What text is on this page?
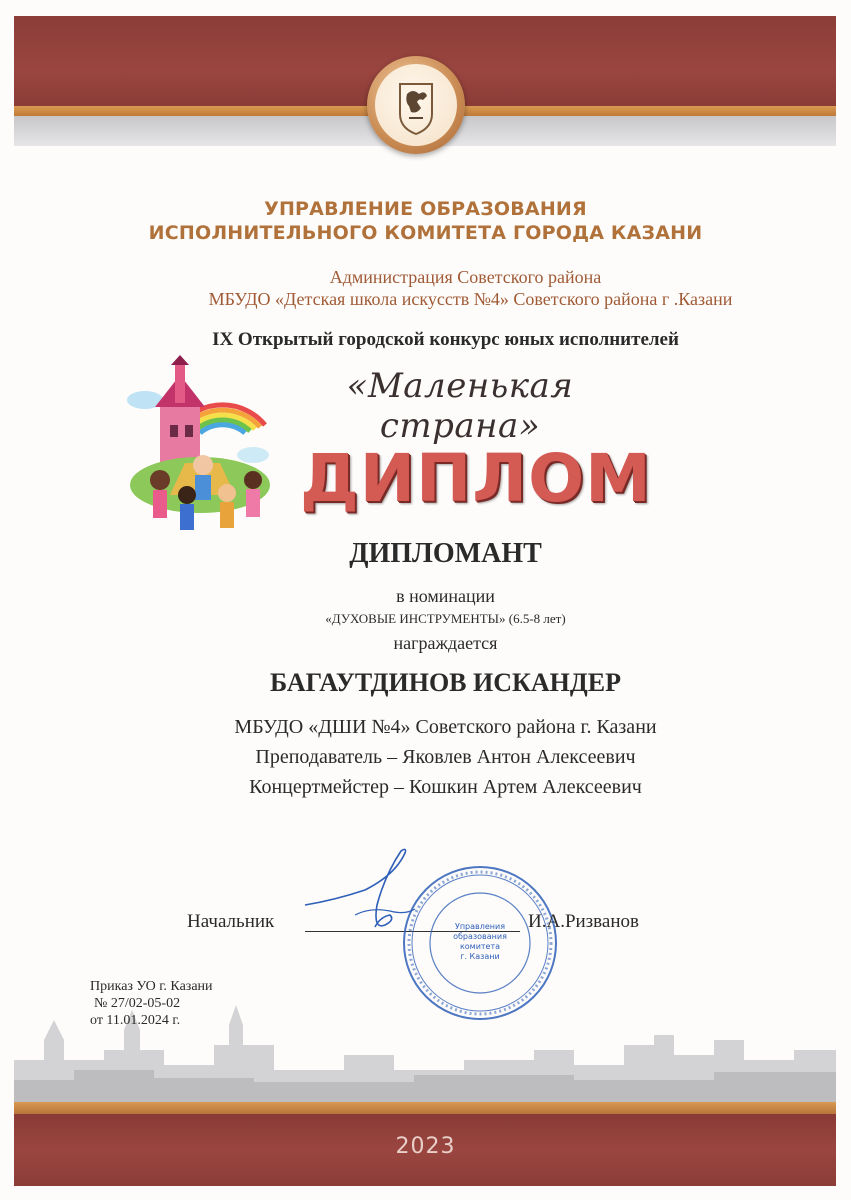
УПРАВЛЕНИЕ ОБРАЗОВАНИЯ
ИСПОЛНИТЕЛЬНОГО КОМИТЕТА ГОРОДА КАЗАНИ
Администрация Советского района
МБУДО «Детская школа искусств №4» Советского района г .Казани
IX Открытый городской конкурс юных исполнителей
«Маленькая страна»
ДИПЛОМ
ДИПЛОМАНТ
в номинации
«ДУХОВЫЕ ИНСТРУМЕНТЫ» (6.5-8 лет)
награждается
БАГАУТДИНОВ ИСКАНДЕР
МБУДО «ДШИ №4» Советского района г. Казани
Преподаватель – Яковлев Антон Алексеевич
Концертмейстер – Кошкин Артем Алексеевич
Начальник	Управления
образования
комитета
г. Казани
И.А.Ризванов
Приказ УО г. Казани
№ 27/02-05-02
от 11.01.2024 г.
2023
